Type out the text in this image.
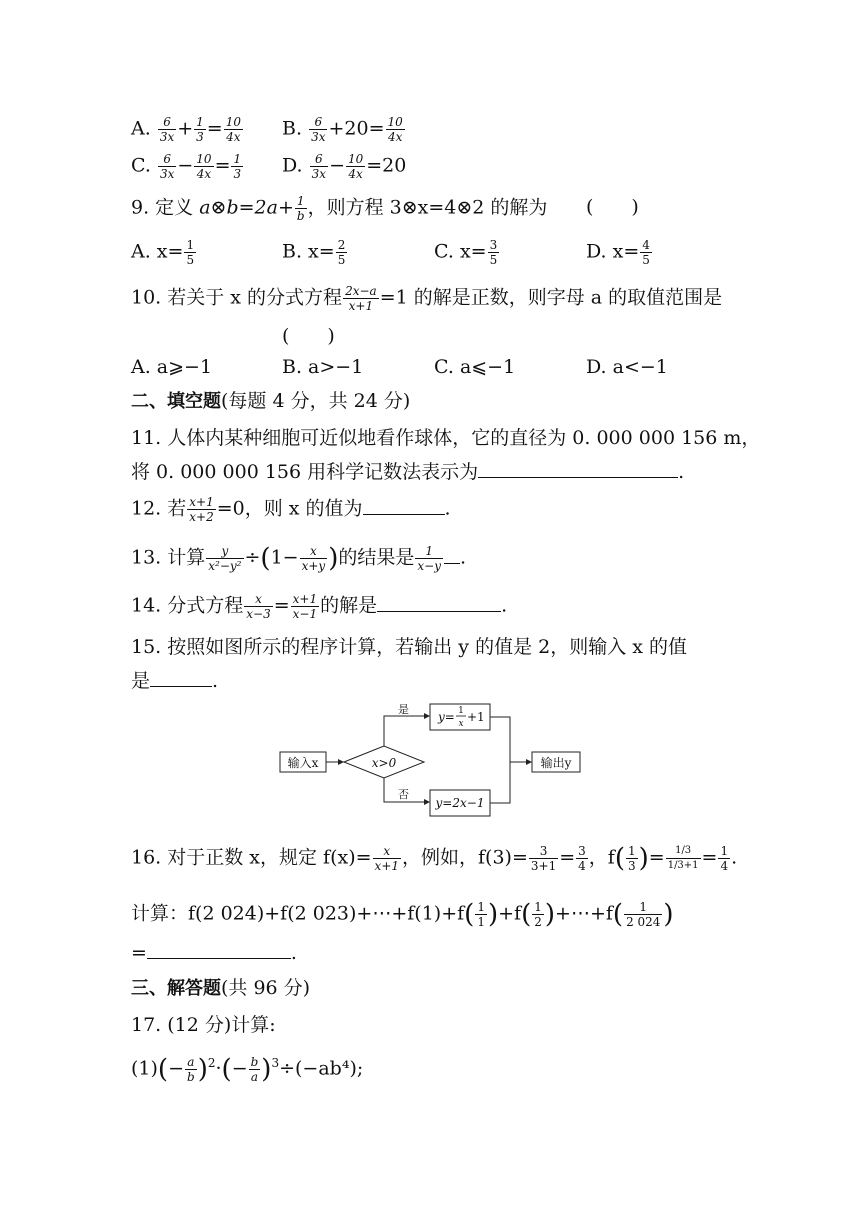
A. $\frac{6}{3x} + \frac{1}{3} = \frac{10}{4x} B$. $\frac{6}{3x} +20= \frac{10}{4x}$
C. $\frac{6}{3x} - \frac{10}{4x} = \frac{1}{3} D$. $\frac{6}{3x} - \frac{10}{4x} =20$
9. 定义 a⊗b=2a+ $\frac{1}{b}$ ，则方程 3⊗x=4⊗2 的解为 (　　)
A. $x= \frac{1}{5}$	B. $x= \frac{2}{5}$	C. $x= \frac{3}{5}$	D. $x= \frac{4}{5}$
10. 若关于 x 的分式方程 $\frac{2x-a}{x+1} =1$ 的解是正数，则字母 a 的取值范围是
(　　)
A. a⩾−1	B. a>−1	C. a⩽−1	D. a<−1
二、填空题(每题 4 分，共 24 分)
11. 人体内某种细胞可近似地看作球体，它的直径为 0. 000 000 156 m，
将 0. 000 000 156 用科学记数法表示为	.
12. 若 $\frac{x+1}{x+2} =0$，则 x 的值为	.
13. 计算 $\frac{y}{\text{x²−y²}} \div(1- \frac{x}{x+y}$ )的结果是 $\frac{1}{x-y}$ .
14. 分式方程 $\frac{x}{x-3} = \frac{x+1}{x-1}$ 的解是	.
15. 按照如图所示的程序计算，若输出 y 的值是 2，则输入 x 的值
是	.
输入x	x>0
是
否
y= 1
x +1
y=2x−1
输出y
16. 对于正数 x，规定 $f(x)= \frac{x}{x+1}$ ，例如，$f(3)= \frac{3}{3+1} = \frac{3}{4}$ ，$f( \frac{1}{3}$ )= $\frac{1/3}{1/3+1} = \frac{1}{4}$ .
计算：f(2 024)+f(2 023)+⋯+f(1)+f( $\frac{1}{1} )+f( \frac{1}{2}$ )+⋯+f( $\frac{1}{2 024}$ )
=	.
三、解答题(共 96 分)
17. (12 分)计算:
$(1)(- \frac{a}{b} )^2\cdot(- \frac{b}{a} )^3\div(-ab^4)$;
